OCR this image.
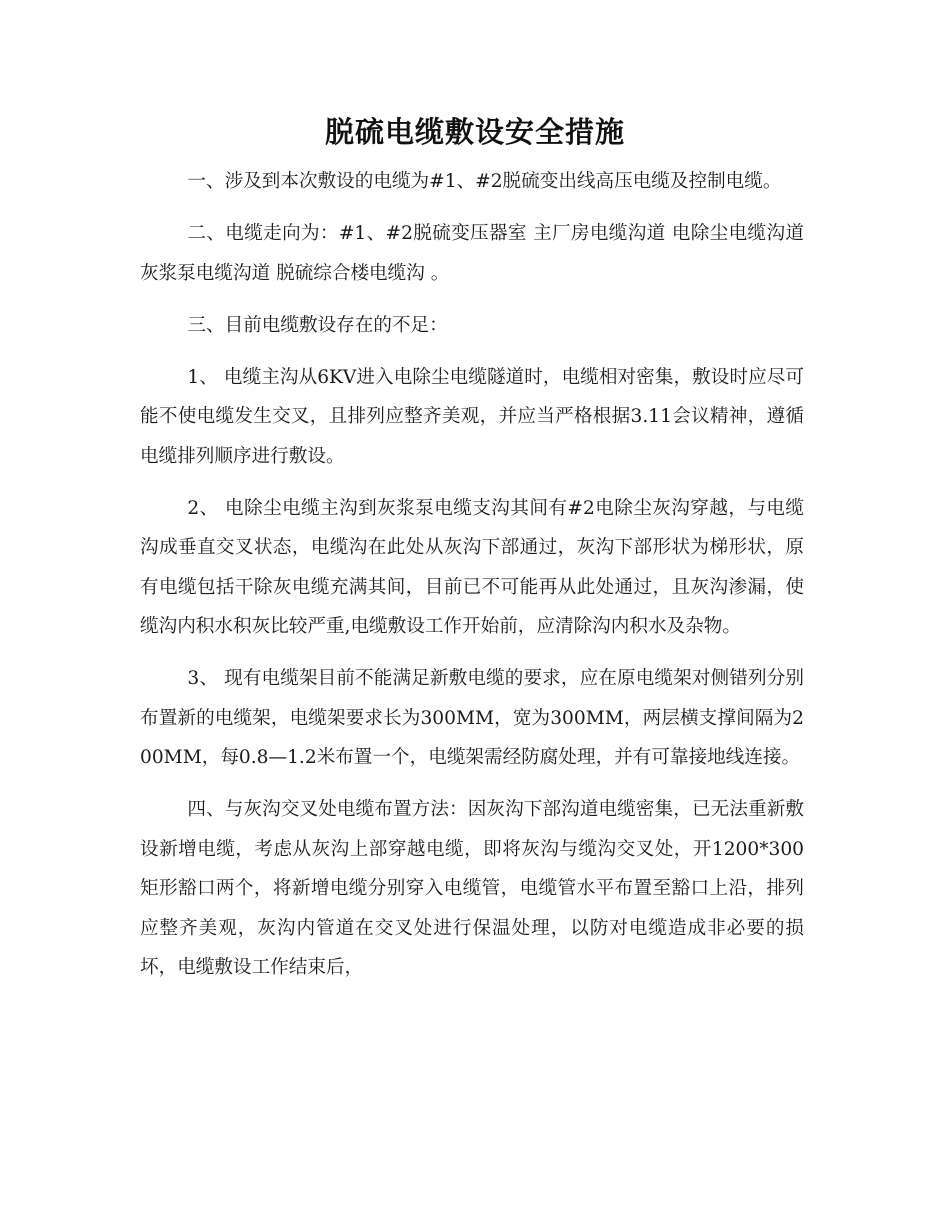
脱硫电缆敷设安全措施

一、涉及到本次敷设的电缆为#1、#2脱硫变出线高压电缆及控制电缆。

二、电缆走向为：#1、#2脱硫变压器室 主厂房电缆沟道 电除尘电缆沟道 灰浆泵电缆沟道 脱硫综合楼电缆沟 。

三、目前电缆敷设存在的不足：

1、 电缆主沟从6KV进入电除尘电缆隧道时，电缆相对密集，敷设时应尽可能不使电缆发生交叉，且排列应整齐美观，并应当严格根据3.11会议精神，遵循电缆排列顺序进行敷设。

2、 电除尘电缆主沟到灰浆泵电缆支沟其间有#2电除尘灰沟穿越，与电缆沟成垂直交叉状态，电缆沟在此处从灰沟下部通过，灰沟下部形状为梯形状，原有电缆包括干除灰电缆充满其间，目前已不可能再从此处通过，且灰沟渗漏，使缆沟内积水积灰比较严重,电缆敷设工作开始前，应清除沟内积水及杂物。

3、 现有电缆架目前不能满足新敷电缆的要求，应在原电缆架对侧错列分别布置新的电缆架，电缆架要求长为300MM，宽为300MM，两层横支撑间隔为200MM，每0.8—1.2米布置一个，电缆架需经防腐处理，并有可靠接地线连接。

四、与灰沟交叉处电缆布置方法：因灰沟下部沟道电缆密集，已无法重新敷设新增电缆，考虑从灰沟上部穿越电缆，即将灰沟与缆沟交叉处，开1200*300矩形豁口两个，将新增电缆分别穿入电缆管，电缆管水平布置至豁口上沿，排列应整齐美观，灰沟内管道在交叉处进行保温处理，以防对电缆造成非必要的损坏，电缆敷设工作结束后，
